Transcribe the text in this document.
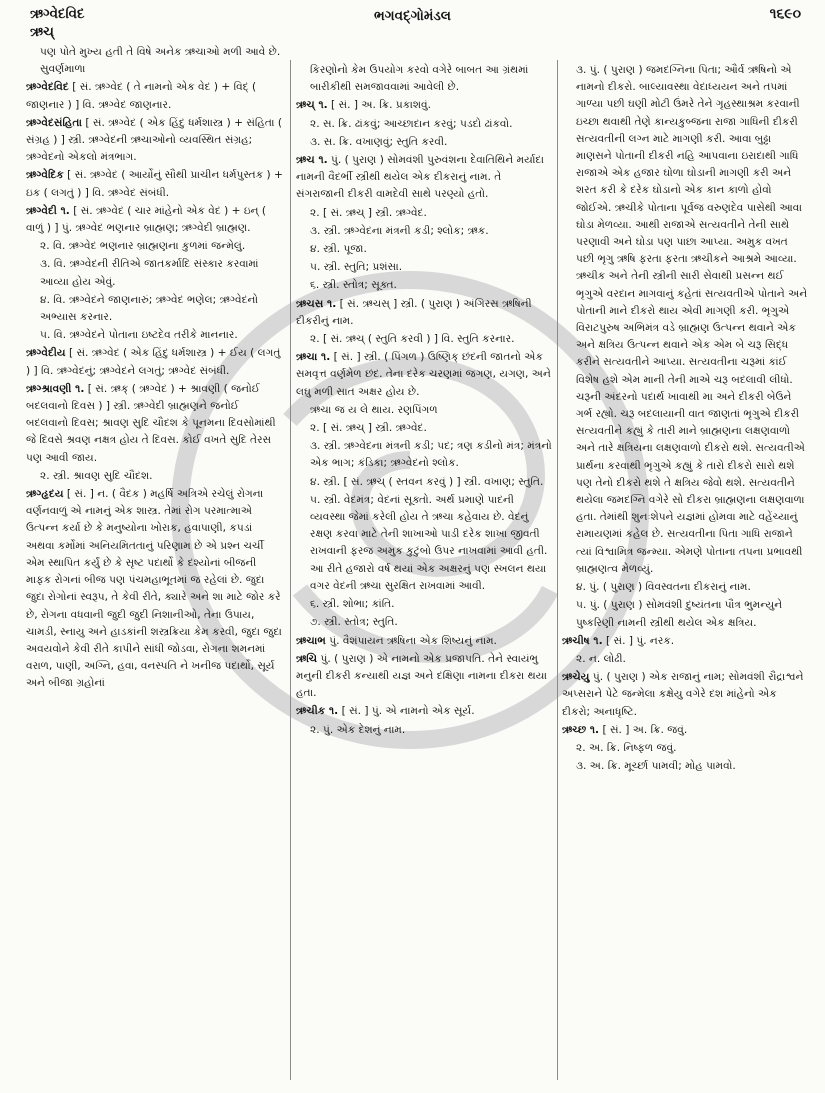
ઋગ્વેદવિદ
ઋચ્
ભગવદ્ગોમંડલ	૧૬૯૦

પણ પોતે મુખ્ય હતી તે વિષે અનેક ઋચાઓ મળી આવે છે. સુવર્ણમાળા

ઋગ્વેદવિદ [ સં. ઋગ્વેદ ( તે નામનો એક વેદ ) + વિદ્ ( જાણનાર ) ] વિ. ઋગ્વેદ જાણનાર.

ઋગ્વેદસંહિતા [ સં. ઋગ્વેદ ( એક હિંદુ ધર્મશાસ્ત્ર ) + સંહિતા ( સંગ્રહ ) ] સ્ત્રી. ઋગ્વેદની ઋચાઓનો વ્યવસ્થિત સંગ્રહ; ઋગ્વેદનો એકલો મંત્રભાગ.

ઋગ્વેદિક [ સં. ઋગ્વેદ ( આર્યોનું સૌથી પ્રાચીન ધર્મપુસ્તક ) + ઇક ( લગતું ) ] વિ. ઋગ્વેદ સંબંધી.

ઋગ્વેદી ૧. [ સં. ઋગ્વેદ ( ચાર માંહેનો એક વેદ ) + ઇન્ ( વાળું ) ] પું. ઋગ્વેદ ભણનાર બ્રાહ્મણ; ઋગ્વેદી બ્રાહ્મણ.

૨. વિ. ઋગ્વેદ ભણનાર બ્રાહ્મણના કુળમાં જન્મેલું.

૩. વિ. ઋગ્વેદની રીતિએ જાતકર્માદિ સંસ્કાર કરવામાં આવ્યા હોય એવું.

૪. વિ. ઋગ્વેદને જાણનારું; ઋગ્વેદ ભણેલ; ઋગ્વેદનો અભ્યાસ કરનાર.

૫. વિ. ઋગ્વેદને પોતાના ઇષ્ટદેવ તરીકે માનનાર.

ઋગ્વેદીય [ સં. ઋગ્વેદ ( એક હિંદુ ધર્મશાસ્ત્ર ) + ઈય ( લગતું ) ] વિ. ઋગ્વેદનું; ઋગ્વેદને લગતું; ઋગ્વેદ સંબંધી.

ઋગ્શ્રાવણી ૧. [ સં. ઋક્ ( ઋગ્વેદ ) + શ્રાવણી ( જનોઈ બદલવાનો દિવસ ) ] સ્ત્રી. ઋગ્વેદી બ્રાહ્મણને જનોઈ બદલવાનો દિવસ; શ્રાવણ સુદિ ચૌદશ કે પૂનમના દિવસોમાંથી જે દિવસે શ્રવણ નક્ષત્ર હોય તે દિવસ. કોઈ વખતે સુદિ તેરસ પણ આવી જાય.

૨. સ્ત્રી. શ્રાવણ સુદિ ચૌદશ.

ઋગ્હૃદય [ સં. ] ન. ( વૈદક ) મહર્ષિ અત્રિએ રચેલું રોગના વર્ણનવાળું એ નામનું એક શાસ્ત્ર. તેમાં રોગ પરમાત્માએ ઉત્પન્ન કર્યા છે કે મનુષ્યોના ખોરાક, હવાપાણી, કપડાં અથવા કર્મોમાં અનિયમિતતાનું પરિણામ છે એ પ્રશ્ન ચર્ચી એમ સ્થાપિત કર્યું છે કે સૃષ્ટ પદાર્થો કે દશ્યોનાં બીજની માફક રોગનાં બીજ પણ પંચમહાભૂતમાં જ રહેલાં છે. જુદા જુદા રોગોનાં સ્વરૂપ, તે કેવી રીતે, ક્યારે અને શા માટે જોર કરે છે, રોગના વધવાની જુદી જુદી નિશાનીઓ, તેના ઉપાય, ચામડી, સ્નાયુ અને હાડકાંની શસ્ત્રક્રિયા કેમ કરવી, જુદા જુદા અવયવોને કેવી રીતે કાપીને સાંધી જોડવા, રોગના શમનમાં વરાળ, પાણી, અગ્નિ, હવા, વનસ્પતિ ને ખનીજ પદાર્થો, સૂર્ય અને બીજા ગ્રહોનાં

કિરણોનો કેમ ઉપયોગ કરવો વગેરે બાબત આ ગ્રંથમાં બારીકીથી સમજાવવામાં આવેલી છે.

ઋચ્ ૧. [ સં. ] અ. ક્રિ. પ્રકાશવું.

૨. સ. ક્રિ. ઢાંકવું; આચ્છાદાન કરવું; પડદો ઢાંકવો.

૩. સ. ક્રિ. વખાણવું; સ્તુતિ કરવી.

ઋચ ૧. પું. ( પુરાણ ) સોમવંશી પુરુવંશના દેવાતિથિને મર્યાદા નામની વૈદર્ભી સ્ત્રીથી થયેલ એક દીકરાનું નામ. તે સંગરાજાની દીકરી વામદેવી સાથે પરણ્યો હતો.

૨. [ સં. ઋચ્ ] સ્ત્રી. ઋગ્વેદ.

૩. સ્ત્રી. ઋગ્વેદના મંત્રની કડી; શ્લોક; ઋક.

૪. સ્ત્રી. પૂજા.

૫. સ્ત્રી. સ્તુતિ; પ્રશંસા.

૬. સ્ત્રી. સ્તોત્ર; સૂક્ત.

ઋચસ ૧. [ સં. ઋચસ્ ] સ્ત્રી. ( પુરાણ ) અંગિરસ ઋષિની દીકરીનું નામ.

૨. [ સં. ઋચ્ ( સ્તુતિ કરવી ) ] વિ. સ્તુતિ કરનાર.

ઋચા ૧. [ સં. ] સ્ત્રી. ( પિંગળ ) ઉષ્ણિક્ છંદની જાતનો એક સમવૃત્ત વર્ણમેળ છંદ. તેના દરેક ચરણમાં જગણ, યગણ, અને લઘુ મળી સાત અક્ષર હોય છે.

ઋચા જ ય લે થાય. રણપિંગળ

૨. [ સં. ઋચ્ ] સ્ત્રી. ઋગ્વેદ.

૩. સ્ત્રી. ઋગ્વેદના મંત્રની કડી; પદ; ત્રણ કડીનો મંત્ર; મંત્રનો એક ભાગ; કંડિકા; ઋગ્વેદનો શ્લોક.

૪. સ્ત્રી. [ સં. ઋચ્ ( સ્તવન કરવું ) ] સ્ત્રી. વખાણ; સ્તુતિ.

૫. સ્ત્રી. વેદમંત્ર; વેદનાં સૂક્તો. અર્થ પ્રમાણે પાદની વ્યવસ્થા જેમાં કરેલી હોય તે ઋચા કહેવાય છે. વેદનું રક્ષણ કરવા માટે તેની શાખાઓ પાડી દરેક શાખા જીવતી રાખવાની ફરજ અમુક કુટુંબો ઉપર નાખવામાં આવી હતી. આ રીતે હજારો વર્ષ થયાં એક અક્ષરનું પણ સ્ખલન થયા વગર વેદની ઋચા સુરક્ષિત રાખવામાં આવી.

૬. સ્ત્રી. શોભા; કાંતિ.

૭. સ્ત્રી. સ્તોત્ર; સ્તુતિ.

ઋચાભ પું. વૈશંપાયન ઋષિના એક શિષ્યનું નામ.

ઋચિ પું. ( પુરાણ ) એ નામનો એક પ્રજાપતિ. તેને સ્વાયંભુ મનુની દીકરી કન્યાથી યજ્ઞ અને દક્ષિણા નામના દીકરા થયા હતા.

ઋચીક ૧. [ સં. ] પું. એ નામનો એક સૂર્ય.

૨. પું. એક દેશનું નામ.

૩. પું. ( પુરાણ ) જમદગ્નિના પિતા; ઔર્વ ઋષિનો એ નામનો દીકરો. બાલ્યાવસ્થા વેદાધ્યયન અને તપમાં ગાળ્યા પછી ઘણી મોટી ઉંમરે તેને ગૃહસ્થાશ્રમ કરવાની ઇચ્છા થવાથી તેણે કાન્યકુબ્જના રાજા ગાધિની દીકરી સત્યવતીની લગ્ન માટે માગણી કરી. આવા બુઢ્ઢા માણસને પોતાની દીકરી નહિ આપવાના ઇરાદાથી ગાધિ રાજાએ એક હજાર ઘોળા ઘોડાની માગણી કરી અને શરત કરી કે દરેક ઘોડાનો એક કાન કાળો હોવો જોઈએ. ઋચીકે પોતાના પૂર્વજ વરુણદેવ પાસેથી આવા ઘોડા મેળવ્યા. આથી રાજાએ સત્યવતીને તેની સાથે પરણાવી અને ઘોડા પણ પાછા આપ્યા. અમુક વખત પછી ભૃગુ ઋષિ ફરતા ફરતા ઋચીકને આશ્રમે આવ્યા. ઋચીક અને તેની સ્ત્રીની સારી સેવાથી પ્રસન્ન થઈ ભૃગુએ વરદાન માગવાનું કહેતાં સત્યવતીએ પોતાને અને પોતાની માને દીકરો થાય એવી માગણી કરી. ભૃગુએ વિરાટપુરુષ અભિમંત્ર વડે બ્રાહ્મણ ઉત્પન્ન થવાને એક અને ક્ષત્રિય ઉત્પન્ન થવાને એક એમ બે ચરૂ સિદ્ધ કરીને સત્યવતીને આપ્યા. સત્યવતીના ચરૂમાં કાંઈ વિશેષ હશે એમ માની તેની માએ ચરૂ બદલાવી લીધો. ચરૂની અંદરનો પદાર્થ ખાવાથી મા અને દીકરી બેઉને ગર્ભ રહ્યો. ચરૂ બદલાયાની વાત જાણતાં ભૃગુએ દીકરી સત્યવતીને કહ્યું કે તારી માને બ્રાહ્મણના લક્ષણવાળો અને તારે ક્ષત્રિયના લક્ષણવાળો દીકરો થશે. સત્યવતીએ પ્રાર્થના કરવાથી ભૃગુએ કહ્યું કે તારો દીકરો સારો થશે પણ તેનો દીકરો થશે તે ક્ષત્રિય જેવો થશે. સત્યવતીને થયેલા જમદગ્નિ વગેરે સો દીકરા બ્રાહ્મણના લક્ષણવાળા હતા. તેમાંથી શુનઃશેપને યજ્ઞમાં હોમવા માટે વહેંચ્યાનું રામાયણમાં કહેલ છે. સત્યવતીના પિતા ગાધિ રાજાને ત્યાં વિશ્વામિત્ર જન્મ્યા. એમણે પોતાના તપના પ્રભાવથી બ્રાહ્મણત્વ મેળવ્યું.

૪. પું. ( પુરાણ ) વિવસ્વતના દીકરાનું નામ.

૫. પું. ( પુરાણ ) સોમવંશી દુષ્યંતના પૌત્ર ભુમન્યુને પુષ્કરિણી નામની સ્ત્રીથી થયેલ એક ક્ષત્રિય.

ઋચીષ ૧. [ સં. ] પું. નરક.

૨. ન. લોઢી.

ઋચેયુ પું. ( પુરાણ ) એક રાજાનું નામ; સોમવંશી રૌદ્રાશ્વને અપ્સરાને પેટે જન્મેલા કક્ષેયુ વગેરે દશ માંહેનો એક દીકરો; અનાધૃષ્ટિ.

ઋચ્છ ૧. [ સં. ] અ. ક્રિ. જવું.

૨. અ. ક્રિ. નિષ્ફળ જવું.

૩. અ. ક્રિ. મૂર્ચ્છા પામવી; મોહ પામવો.
